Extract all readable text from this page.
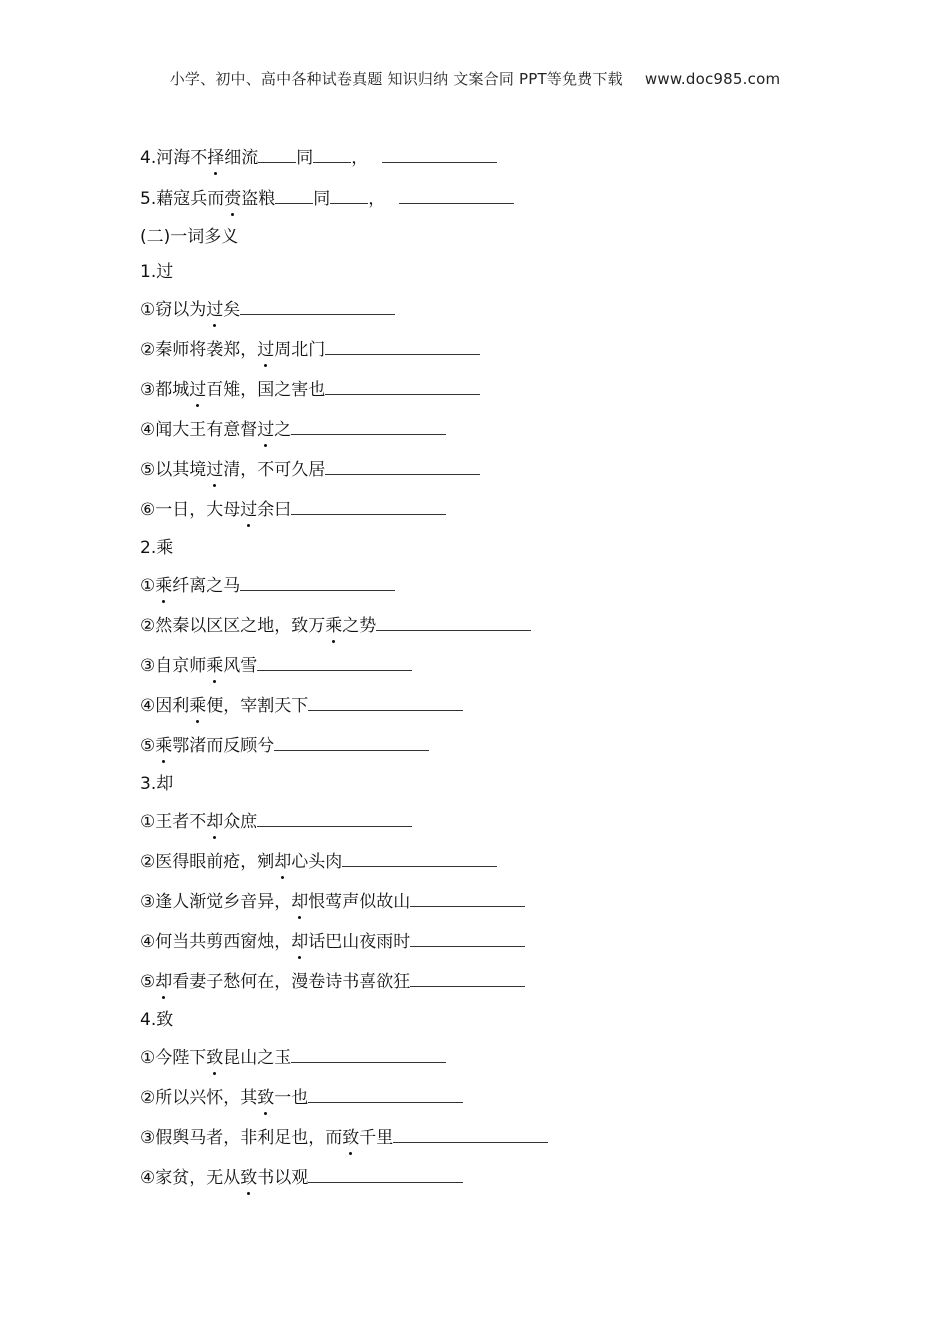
小学、初中、高中各种试卷真题 知识归纳 文案合同 PPT等免费下载 www.doc985.com
4.河海不择细流 同 ，
5.藉寇兵而赍盗粮 同 ，
(二)一词多义
1.过
①窃以为过矣
②秦师将袭郑，过周北门
③都城过百雉，国之害也
④闻大王有意督过之
⑤以其境过清，不可久居
⑥一日，大母过余曰
2.乘
①乘纤离之马
②然秦以区区之地，致万乘之势
③自京师乘风雪
④因利乘便，宰割天下
⑤乘鄂渚而反顾兮
3.却
①王者不却众庶
②医得眼前疮，剜却心头肉
③逢人渐觉乡音异，却恨莺声似故山
④何当共剪西窗烛，却话巴山夜雨时
⑤却看妻子愁何在，漫卷诗书喜欲狂
4.致
①今陛下致昆山之玉
②所以兴怀，其致一也
③假舆马者，非利足也，而致千里
④家贫，无从致书以观
